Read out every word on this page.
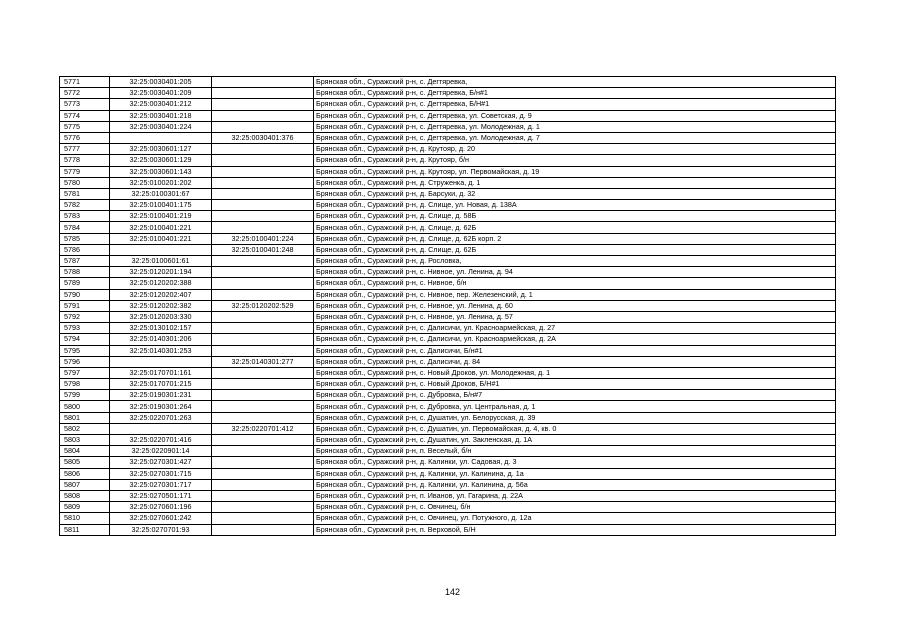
5771	32:25:0030401:205		Брянская обл., Суражский р-н, с. Дегтяревка,
5772	32:25:0030401:209		Брянская обл., Суражский р-н, с. Дегтяревка, Б/н#1
5773	32:25:0030401:212		Брянская обл., Суражский р-н, с. Дегтяревка, Б/Н#1
5774	32:25:0030401:218		Брянская обл., Суражский р-н, с. Дегтяревка, ул. Советская, д. 9
5775	32:25:0030401:224		Брянская обл., Суражский р-н, с. Дегтяревка, ул. Молодежная, д. 1
5776		32:25:0030401:376	Брянская обл., Суражский р-н, с. Дегтяревка, ул. Молодежная, д. 7
5777	32:25:0030601:127		Брянская обл., Суражский р-н, д. Крутояр, д. 20
5778	32:25:0030601:129		Брянская обл., Суражский р-н, д. Крутояр, б/н
5779	32:25:0030601:143		Брянская обл., Суражский р-н, д. Крутояр, ул. Первомайская, д. 19
5780	32:25:0100201:202		Брянская обл., Суражский р-н, д. Струженка, д. 1
5781	32:25:0100301:67		Брянская обл., Суражский р-н, д. Барсуки, д. 32
5782	32:25:0100401:175		Брянская обл., Суражский р-н, д. Слище, ул. Новая, д. 138А
5783	32:25:0100401:219		Брянская обл., Суражский р-н, д. Слище, д. 58Б
5784	32:25:0100401:221		Брянская обл., Суражский р-н, д. Слище, д. 62Б
5785	32:25:0100401:221	32:25:0100401:224	Брянская обл., Суражский р-н, д. Слище, д. 62Б корп. 2
5786		32:25:0100401:248	Брянская обл., Суражский р-н, д. Слище, д. 62Б
5787	32:25:0100601:61		Брянская обл., Суражский р-н, д. Рословка,
5788	32:25:0120201:194		Брянская обл., Суражский р-н, с. Нивное, ул. Ленина, д. 94
5789	32:25:0120202:388		Брянская обл., Суражский р-н, с. Нивное, б/н
5790	32:25:0120202:407		Брянская обл., Суражский р-н, с. Нивное, пер. Железенский, д. 1
5791	32:25:0120202:382	32:25:0120202:529	Брянская обл., Суражский р-н, с. Нивное, ул. Ленина, д. 60
5792	32:25:0120203:330		Брянская обл., Суражский р-н, с. Нивное, ул. Ленина, д. 57
5793	32:25:0130102:157		Брянская обл., Суражский р-н, с. Далисичи, ул. Красноармейская, д. 27
5794	32:25:0140301:206		Брянская обл., Суражский р-н, с. Далисичи, ул. Красноармейская, д. 2А
5795	32:25:0140301:253		Брянская обл., Суражский р-н, с. Далисичи, Б/н#1
5796		32:25:0140301:277	Брянская обл., Суражский р-н, с. Далисичи, д. 84
5797	32:25:0170701:161		Брянская обл., Суражский р-н, с. Новый Дроков, ул. Молодежная, д. 1
5798	32:25:0170701:215		Брянская обл., Суражский р-н, с. Новый Дроков, Б/Н#1
5799	32:25:0190301:231		Брянская обл., Суражский р-н, с. Дубровка, Б/н#7
5800	32:25:0190301:264		Брянская обл., Суражский р-н, с. Дубровка, ул. Центральная, д. 1
5801	32:25:0220701:263		Брянская обл., Суражский р-н, с. Душатин, ул. Белорусская, д. 39
5802		32:25:0220701:412	Брянская обл., Суражский р-н, с. Душатин, ул. Первомайская, д. 4, кв. 0
5803	32:25:0220701:416		Брянская обл., Суражский р-н, с. Душатин, ул. Закленская, д. 1А
5804	32:25:0220901:14		Брянская обл., Суражский р-н, п. Веселый, б/н
5805	32:25:0270301:427		Брянская обл., Суражский р-н, д. Калинки, ул. Садовая, д. 3
5806	32:25:0270301:715		Брянская обл., Суражский р-н, д. Калинки, ул. Калинина, д. 1а
5807	32:25:0270301:717		Брянская обл., Суражский р-н, д. Калинки, ул. Калинина, д. 56а
5808	32:25:0270501:171		Брянская обл., Суражский р-н, п. Иванов, ул. Гагарина, д. 22А
5809	32:25:0270601:196		Брянская обл., Суражский р-н, с. Овчинец, б/н
5810	32:25:0270601:242		Брянская обл., Суражский р-н, с. Овчинец, ул. Потужного, д. 12а
5811	32:25:0270701:93		Брянская обл., Суражский р-н, п. Верховой, Б/Н
142
